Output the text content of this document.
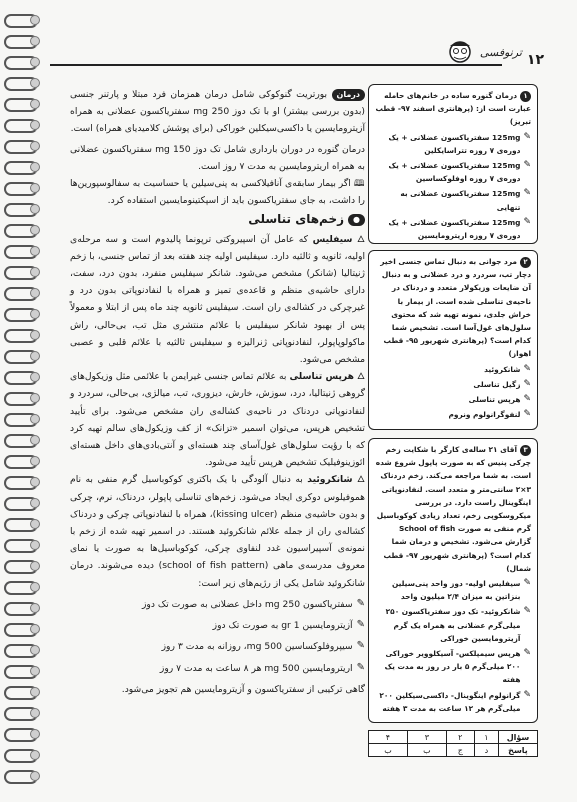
۱۲
ترنوفسی

درمان بورتریت گنوکوکی شامل درمان همزمان فرد مبتلا و پارتنر جنسی (بدون بررسی بیشتر) او با تک دوز 250 mg سفتریاکسون عضلانی به همراه آزیترومایسین یا داکسی‌سیکلین خوراکی (برای پوشش کلامیدیای همراه) است.

درمان گنوره در دوران بارداری شامل تک دوز 150 mg سفتریاکسون عضلانی به همراه اریترومایسین به مدت ۷ روز است.

🕮 اگر بیمار سابقه‌ی آنافیلاکسی به پنی‌سیلین یا حساسیت به سفالوسپورین‌ها را داشت، به جای سفتریاکسون باید از اسپکتینومایسین استفاده کرد.

●
زخم‌های تناسلی

🜂 سیفلیس که عامل آن اسپیروکتی ترپونما پالیدوم است و سه مرحله‌ی اولیه، ثانویه و ثالثیه دارد. سیفلیس اولیه چند هفته بعد از تماس جنسی، با زخم ژنیتالیا (شانکر) مشخص می‌شود. شانکر سیفلیس منفرد، بدون درد، سفت، دارای حاشیه‌ی منظم و قاعده‌ی تمیز و همراه با لنفادنوپاتی بدون درد و غیرچرکی در کشاله‌ی ران است. سیفلیس ثانویه چند ماه پس از ابتلا و معمولاً پس از بهبود شانکر سیفلیس با علائم منتشری مثل تب، بی‌حالی، راش ماکولوپاپولر، لنفادنوپاتی ژنرالیزه و سیفلیس ثالثیه با علائم قلبی و عصبی مشخص می‌شود.

🜂 هرپس تناسلی به علائم تماس جنسی غیرایمن با علائمی مثل وزیکول‌های گروهی ژنیتالیا، درد، سوزش، خارش، دیزوری، تب، میالژی، بی‌حالی، سردرد و لنفادنوپاتی دردناک در ناحیه‌ی کشاله‌ی ران مشخص می‌شود. برای تأیید تشخیص هرپس، می‌توان اسمیر «تزانک» از کف وزیکول‌های سالم تهیه کرد که با رؤیت سلول‌های غول‌آسای چند هسته‌ای و آنتی‌بادی‌های داخل هسته‌ای ائوزینوفیلیک تشخیص هرپس تأیید می‌شود.

🜂 شانکروئید به دنبال آلودگی با یک باکتری کوکوباسیل گرم منفی به نام هموفیلوس دوکری ایجاد می‌شود. زخم‌های تناسلی پاپولر، دردناک، نرم، چرکی و بدون حاشیه‌ی منظم (kissing ulcer)، همراه با لنفادنوپاتی چرکی و دردناک کشاله‌ی ران از جمله علائم شانکروئید هستند. در اسمیر تهیه شده از زخم با نمونه‌ی آسپیراسیون غدد لنفاوی چرکی، کوکوباسیل‌ها به صورت یا نمای معروف مدرسه‌ی ماهی (school of fish pattern) دیده می‌شوند. درمان شانکروئید شامل یکی از رژیم‌های زیر است:

✎
سفتریاکسون 250 mg داخل عضلانی به صورت تک دوز
✎
آزیترومایسین 1 gr به صورت تک دوز
✎
سیپروفلوکساسین 500 mg، روزانه به مدت ۳ روز
✎
اریترومایسین 500 mg هر ۸ ساعت به مدت ۷ روز

گاهی ترکیبی از سفتریاکسون و آزیترومایسین هم تجویز می‌شود.

۱درمان گنوره ساده در خانم‌های حامله عبارت است از: (پرهانتری اسفند ۹۷- قطب تبریز)
✎
125mg سفتریاکسون عضلانی + یک دوره‌ی ۷ روزه تتراسایکلین
✎
125mg سفتریاکسون عضلانی + یک دوره‌ی ۷ روزه اوفلوکساسین
✎
125mg سفتریاکسون عضلانی به تنهایی
✎
125mg سفتریاکسون عضلانی + یک دوره‌ی ۷ روزه اریترومایسین
۲مرد جوانی به دنبال تماس جنسی اخیر دچار تب، سردرد و درد عضلانی و به دنبال آن ضایعات وزیکولار متعدد و دردناک در ناحیه‌ی تناسلی شده است. از بیمار با خراش جلدی، نمونه تهیه شد که محتوی سلول‌های غول‌آسا است. تشخیص شما کدام است؟ (پرهانتری شهریور ۹۵- قطب اهواز)
✎
شانکروئید
✎
زگیل تناسلی
✎
هرپس تناسلی
✎
لنفوگرانولوم ونروم
۳آقای ۲۱ ساله‌ی کارگر با شکایت زخم چرکی پنیس که به صورت پاپول شروع شده است. به شما مراجعه می‌کند. زخم دردناک ۳×۲ سانتی‌متر و متعدد است. لنفادنوپاتی اینگوینال راست دارد. در بررسی میکروسکوپی زخم، تعداد زیادی کوکوباسیل گرم منفی به صورت School of fish گزارش می‌شود. تشخیص و درمان شما کدام است؟ (پرهانتری شهریور ۹۷- قطب شمال)
✎
سیفلیس اولیه- دوز واحد پنی‌سیلین بنزاتین به میزان ۲/۴ میلیون واحد
✎
شانکروئید- تک دوز سفتریاکسون ۲۵۰ میلی‌گرم عضلانی به همراه یک گرم آزیترومایسین خوراکی
✎
هرپس سیمپلکس- آسیکلوویر خوراکی ۲۰۰ میلی‌گرم ۵ بار در روز به مدت یک هفته
✎
گرانولوم اینگوینال- داکسی‌سیکلین ۲۰۰ میلی‌گرم هر ۱۲ ساعت به مدت ۳ هفته
سؤال	۱	۲	۳	۴
پاسخ	د	ج	ب	ب
